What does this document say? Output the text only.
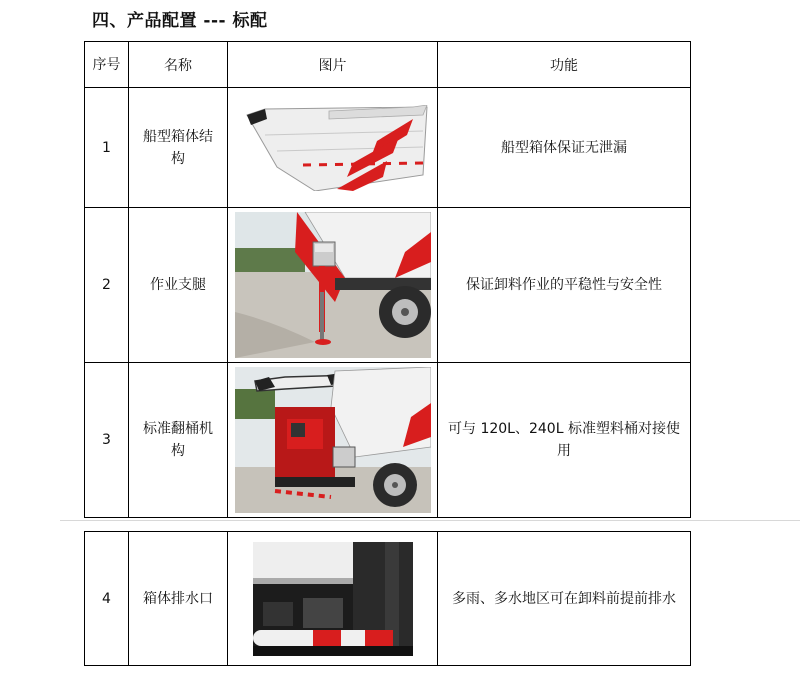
四、产品配置 --- 标配
序号	名称	图片	功能
1	船型箱体结构		船型箱体保证无泄漏

2	作业支腿		保证卸料作业的平稳性与安全性

3	标准翻桶机构		可与 120L、240L 标准塑料桶对接使用
4	箱体排水口		多雨、多水地区可在卸料前提前排水
